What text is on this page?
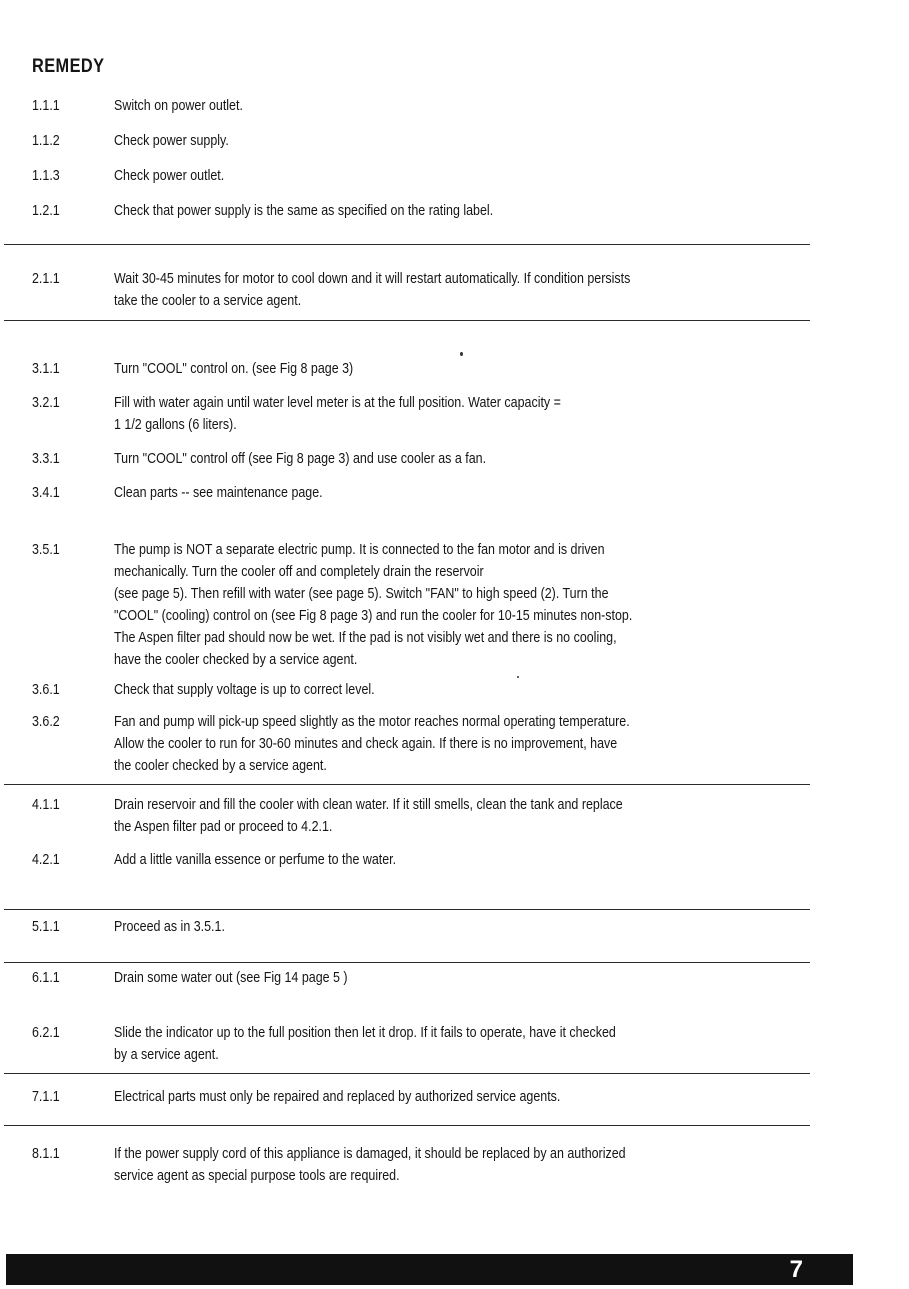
REMEDY
1.1.1	Switch on power outlet.
1.1.2	Check power supply.
1.1.3	Check power outlet.
1.2.1	Check that power supply is the same as specified on the rating label.
2.1.1	Wait 30-45 minutes for motor to cool down and it will restart automatically. If condition persists
take the cooler to a service agent.
3.1.1	Turn "COOL" control on. (see Fig 8 page 3)
3.2.1	Fill with water again until water level meter is at the full position. Water capacity =
1 1/2 gallons (6 liters).
3.3.1	Turn "COOL" control off (see Fig 8 page 3) and use cooler as a fan.
3.4.1	Clean parts -- see maintenance page.
3.5.1	The pump is NOT a separate electric pump. It is connected to the fan motor and is driven
mechanically. Turn the cooler off and completely drain the reservoir
(see page 5). Then refill with water (see page 5). Switch "FAN" to high speed (2). Turn the
"COOL" (cooling) control on (see Fig 8 page 3) and run the cooler for 10-15 minutes non-stop.
The Aspen filter pad should now be wet. If the pad is not visibly wet and there is no cooling,
have the cooler checked by a service agent.
3.6.1	Check that supply voltage is up to correct level.
3.6.2	Fan and pump will pick-up speed slightly as the motor reaches normal operating temperature.
Allow the cooler to run for 30-60 minutes and check again. If there is no improvement, have
the cooler checked by a service agent.
4.1.1	Drain reservoir and fill the cooler with clean water. If it still smells, clean the tank and replace
the Aspen filter pad or proceed to 4.2.1.
4.2.1	Add a little vanilla essence or perfume to the water.
5.1.1	Proceed as in 3.5.1.
6.1.1	Drain some water out (see Fig 14 page 5 )
6.2.1	Slide the indicator up to the full position then let it drop. If it fails to operate, have it checked
by a service agent.
7.1.1	Electrical parts must only be repaired and replaced by authorized service agents.
8.1.1	If the power supply cord of this appliance is damaged, it should be replaced by an authorized
service agent as special purpose tools are required.
7
